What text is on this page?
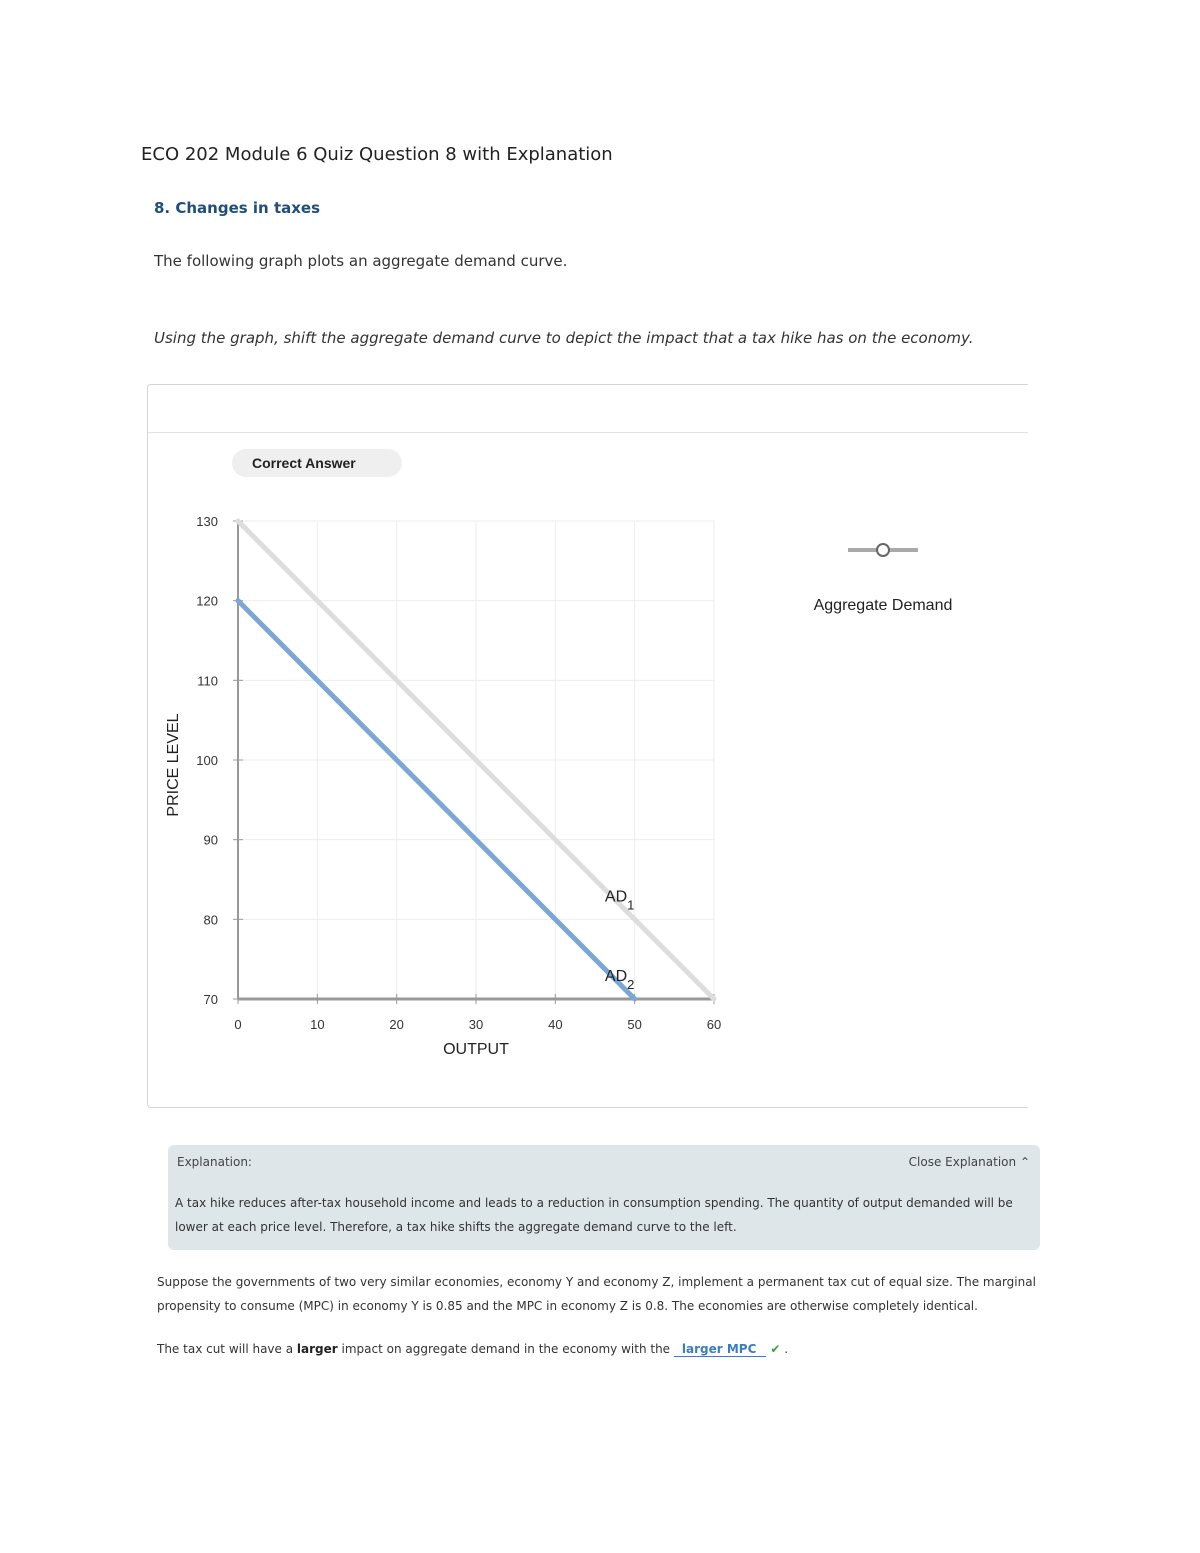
ECO 202 Module 6 Quiz Question 8 with Explanation
8. Changes in taxes
The following graph plots an aggregate demand curve.
Using the graph, shift the aggregate demand curve to depict the impact that a tax hike has on the economy.
Correct Answer
0	10	20	30	40	50	60
70
80
90
100
110
120
130
OUTPUT
PRICE LEVEL
$AD_1$
$AD_2$
Aggregate Demand
Explanation:	Close Explanation ⌃
A tax hike reduces after-tax household income and leads to a reduction in consumption spending. The quantity of output demanded will be
lower at each price level. Therefore, a tax hike shifts the aggregate demand curve to the left.
Suppose the governments of two very similar economies, economy Y and economy Z, implement a permanent tax cut of equal size. The marginal
propensity to consume (MPC) in economy Y is 0.85 and the MPC in economy Z is 0.8. The economies are otherwise completely identical.
The tax cut will have a larger impact on aggregate demand in the economy with the larger MPC ✔ .
